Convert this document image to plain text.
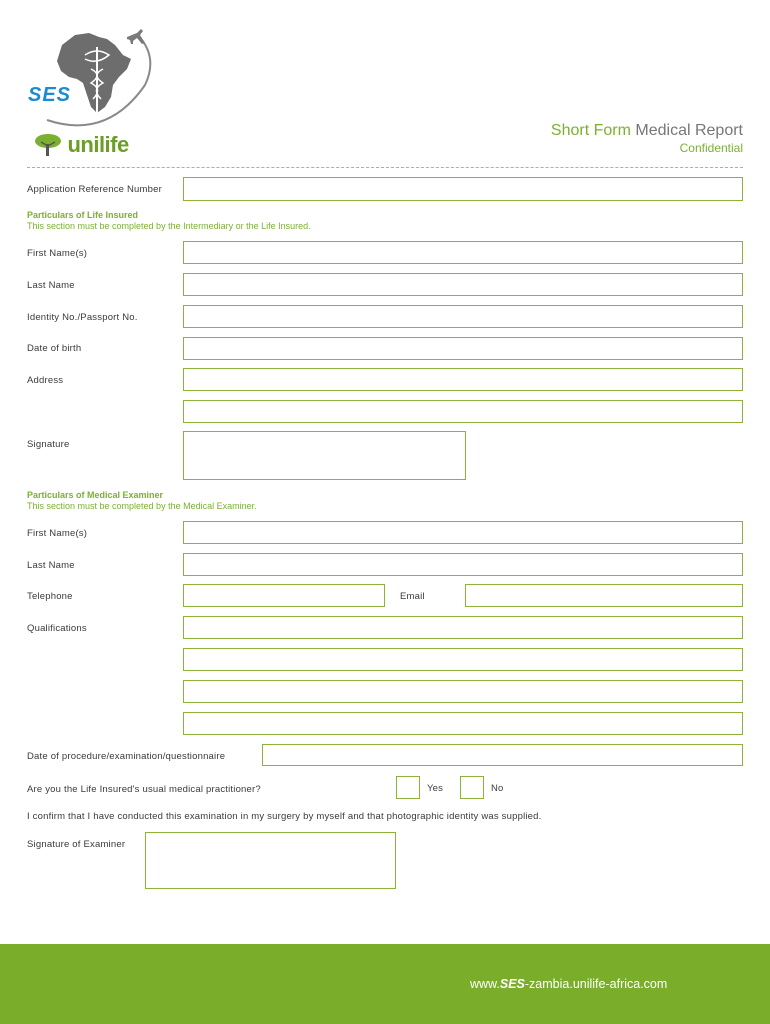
SES
unilife
Short Form Medical Report
Confidential
Application Reference Number
Particulars of Life Insured
This section must be completed by the Intermediary or the Life Insured.
First Name(s)
Last Name
Identity No./Passport No.
Date of birth
Address
Signature
Particulars of Medical Examiner
This section must be completed by the Medical Examiner.
First Name(s)
Last Name
Telephone	Email
Qualifications
Date of procedure/examination/questionnaire
Are you the Life Insured's usual medical practitioner?	Yes	No
I confirm that I have conducted this examination in my surgery by myself and that photographic identity was supplied.
Signature of Examiner
www.SES-zambia.unilife-africa.com
